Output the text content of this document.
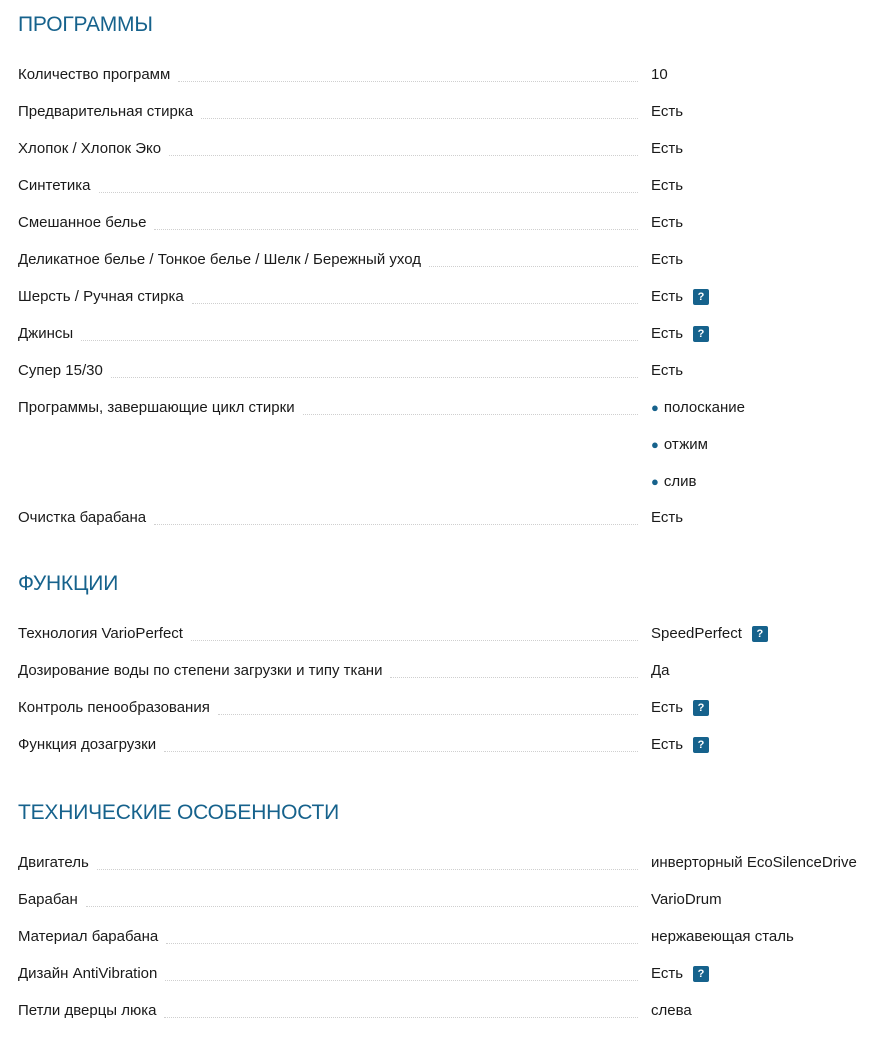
ПРОГРАММЫ
Количество программ	10
Предварительная стирка	Есть
Хлопок / Хлопок Эко	Есть
Синтетика	Есть
Смешанное белье	Есть
Деликатное белье / Тонкое белье / Шелк / Бережный уход	Есть
Шерсть / Ручная стирка	Есть	?
Джинсы	Есть	?
Супер 15/30	Есть
Программы, завершающие цикл стирки	● полоскание
● отжим
● слив
Очистка барабана	Есть
ФУНКЦИИ
Технология VarioPerfect	SpeedPerfect	?
Дозирование воды по степени загрузки и типу ткани	Да
Контроль пенообразования	Есть	?
Функция дозагрузки	Есть	?
ТЕХНИЧЕСКИЕ ОСОБЕННОСТИ
Двигатель	инверторный EcoSilenceDrive
Барабан	VarioDrum
Материал барабана	нержавеющая сталь
Дизайн AntiVibration	Есть	?
Петли дверцы люка	слева
